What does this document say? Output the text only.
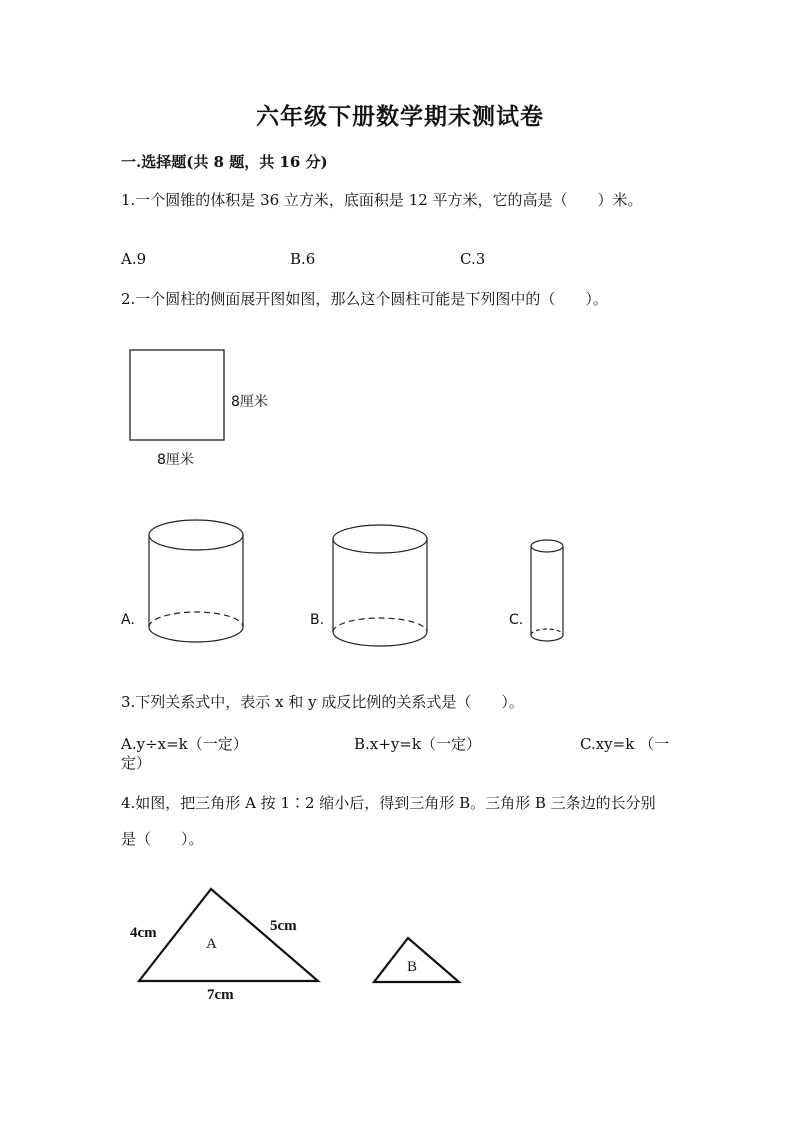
六年级下册数学期末测试卷
一.选择题(共 8 题，共 16 分)
1.一个圆锥的体积是 36 立方米，底面积是 12 平方米，它的高是（　　）米。
A.9	B.6	C.3
2.一个圆柱的侧面展开图如图，那么这个圆柱可能是下列图中的（　　）。
8厘米
8厘米
A.	B.	C.
3.下列关系式中，表示 x 和 y 成反比例的关系式是（　　）。
A.y÷x=k（一定）	B.x+y=k（一定）	C.xy=k （一
定）
4.如图，把三角形 A 按 1∶2 缩小后，得到三角形 B。三角形 B 三条边的长分别
是（　　）。
4cm	5cm
7cm
A
B
